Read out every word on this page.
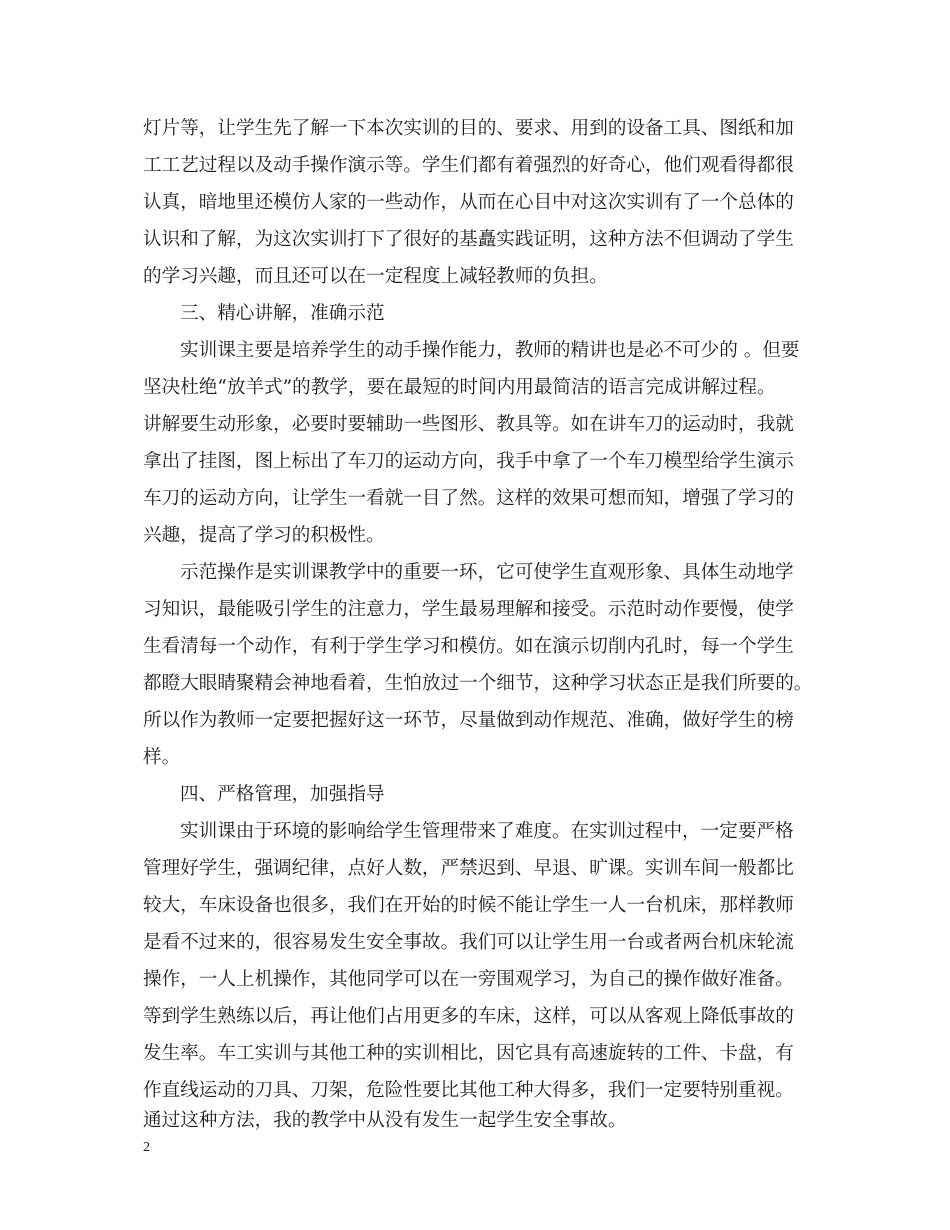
灯片等，让学生先了解一下本次实训的目的、要求、用到的设备工具、图纸和加
工工艺过程以及动手操作演示等。学生们都有着强烈的好奇心，他们观看得都很
认真，暗地里还模仿人家的一些动作，从而在心目中对这次实训有了一个总体的
认识和了解，为这次实训打下了很好的基矗实践证明，这种方法不但调动了学生
的学习兴趣，而且还可以在一定程度上减轻教师的负担。
三、精心讲解，准确示范
实训课主要是培养学生的动手操作能力，教师的精讲也是必不可少的 。但要
坚决杜绝“放羊式”的教学，要在最短的时间内用最简洁的语言完成讲解过程。
讲解要生动形象，必要时要辅助一些图形、教具等。如在讲车刀的运动时，我就
拿出了挂图，图上标出了车刀的运动方向，我手中拿了一个车刀模型给学生演示
车刀的运动方向，让学生一看就一目了然。这样的效果可想而知，增强了学习的
兴趣，提高了学习的积极性。
示范操作是实训课教学中的重要一环，它可使学生直观形象、具体生动地学
习知识，最能吸引学生的注意力，学生最易理解和接受。示范时动作要慢，使学
生看清每一个动作，有利于学生学习和模仿。如在演示切削内孔时，每一个学生
都瞪大眼睛聚精会神地看着，生怕放过一个细节，这种学习状态正是我们所要的。
所以作为教师一定要把握好这一环节，尽量做到动作规范、准确，做好学生的榜
样。
四、严格管理，加强指导
实训课由于环境的影响给学生管理带来了难度。在实训过程中，一定要严格
管理好学生，强调纪律，点好人数，严禁迟到、早退、旷课。实训车间一般都比
较大，车床设备也很多，我们在开始的时候不能让学生一人一台机床，那样教师
是看不过来的，很容易发生安全事故。我们可以让学生用一台或者两台机床轮流
操作，一人上机操作，其他同学可以在一旁围观学习，为自己的操作做好准备。
等到学生熟练以后，再让他们占用更多的车床，这样，可以从客观上降低事故的
发生率。车工实训与其他工种的实训相比，因它具有高速旋转的工件、卡盘，有
作直线运动的刀具、刀架，危险性要比其他工种大得多，我们一定要特别重视。
通过这种方法，我的教学中从没有发生一起学生安全事故。
2
